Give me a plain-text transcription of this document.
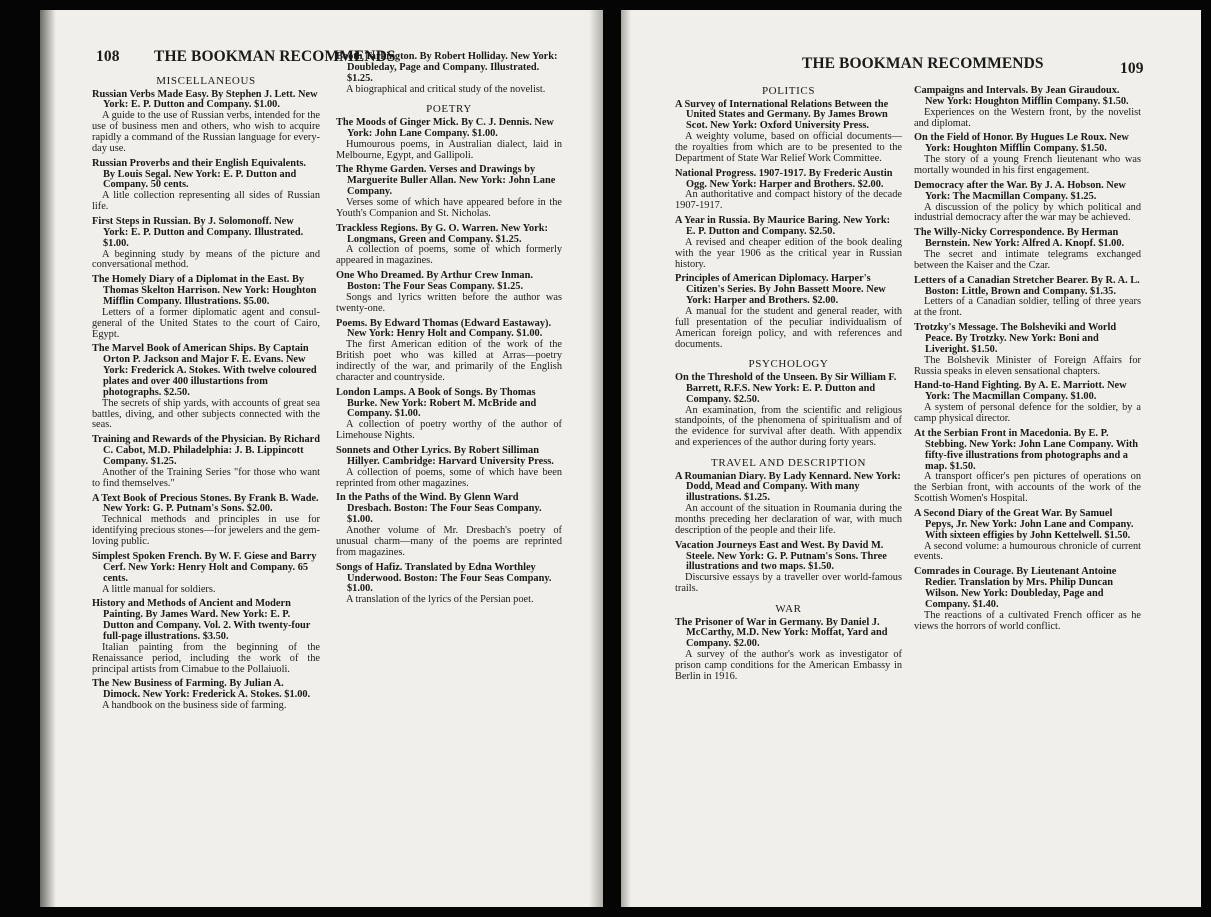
108 THE BOOKMAN RECOMMENDS
MISCELLANEOUS
Russian Verbs Made Easy. By Stephen J. Lett. New York: E. P. Dutton and Company. $1.00.
A guide to the use of Russian verbs, intended for the use of business men and others, who wish to acquire rapidly a command of the Russian language for every-day use.
Russian Proverbs and their English Equivalents. By Louis Segal. New York: E. P. Dutton and Company. 50 cents.
A litle collection representing all sides of Russian life.
First Steps in Russian. By J. Solomonoff. New York: E. P. Dutton and Company. Illustrated. $1.00.
A beginning study by means of the picture and conversational method.
The Homely Diary of a Diplomat in the East. By Thomas Skelton Harrison. New York: Houghton Mifflin Company. Illustrations. $5.00.
Letters of a former diplomatic agent and consul-general of the United States to the court of Cairo, Egypt.
The Marvel Book of American Ships. By Captain Orton P. Jackson and Major F. E. Evans. New York: Frederick A. Stokes. With twelve coloured plates and over 400 illustartions from photographs. $2.50.
The secrets of ship yards, with accounts of great sea battles, diving, and other subjects connected with the seas.
Training and Rewards of the Physician. By Richard C. Cabot, M.D. Philadelphia: J. B. Lippincott Company. $1.25.
Another of the Training Series "for those who want to find themselves."
A Text Book of Precious Stones. By Frank B. Wade. New York: G. P. Putnam's Sons. $2.00.
Technical methods and principles in use for identifying precious stones—for jewelers and the gem-loving public.
Simplest Spoken French. By W. F. Giese and Barry Cerf. New York: Henry Holt and Company. 65 cents.
A little manual for soldiers.
History and Methods of Ancient and Modern Painting. By James Ward. New York: E. P. Dutton and Company. Vol. 2. With twenty-four full-page illustrations. $3.50.
Italian painting from the beginning of the Renaissance period, including the work of the principal artists from Cimabue to the Pollaiuoli.
The New Business of Farming. By Julian A. Dimock. New York: Frederick A. Stokes. $1.00.
A handbook on the business side of farming.
Booth Tarkington. By Robert Holliday. New York: Doubleday, Page and Company. Illustrated. $1.25.
A biographical and critical study of the novelist.
POETRY
The Moods of Ginger Mick. By C. J. Dennis. New York: John Lane Company. $1.00.
Humourous poems, in Australian dialect, laid in Melbourne, Egypt, and Gallipoli.
The Rhyme Garden. Verses and Drawings by Marguerite Buller Allan. New York: John Lane Company.
Verses some of which have appeared before in the Youth's Companion and St. Nicholas.
Trackless Regions. By G. O. Warren. New York: Longmans, Green and Company. $1.25.
A collection of poems, some of which formerly appeared in magazines.
One Who Dreamed. By Arthur Crew Inman. Boston: The Four Seas Company. $1.25.
Songs and lyrics written before the author was twenty-one.
Poems. By Edward Thomas (Edward Eastaway). New York: Henry Holt and Company. $1.00.
The first American edition of the work of the British poet who was killed at Arras—poetry indirectly of the war, and primarily of the English character and countryside.
London Lamps. A Book of Songs. By Thomas Burke. New York: Robert M. McBride and Company. $1.00.
A collection of poetry worthy of the author of Limehouse Nights.
Sonnets and Other Lyrics. By Robert Silliman Hillyer. Cambridge: Harvard University Press.
A collection of poems, some of which have been reprinted from other magazines.
In the Paths of the Wind. By Glenn Ward Dresbach. Boston: The Four Seas Company. $1.00.
Another volume of Mr. Dresbach's poetry of unusual charm—many of the poems are reprinted from magazines.
Songs of Hafiz. Translated by Edna Worthley Underwood. Boston: The Four Seas Company. $1.00.
A translation of the lyrics of the Persian poet.
THE BOOKMAN RECOMMENDS	109
POLITICS
A Survey of International Relations Between the United States and Germany. By James Brown Scot. New York: Oxford University Press.
A weighty volume, based on official documents—the royalties from which are to be presented to the Department of State War Relief Work Committee.
National Progress. 1907-1917. By Frederic Austin Ogg. New York: Harper and Brothers. $2.00.
An authoritative and compact history of the decade 1907-1917.
A Year in Russia. By Maurice Baring. New York: E. P. Dutton and Company. $2.50.
A revised and cheaper edition of the book dealing with the year 1906 as the critical year in Russian history.
Principles of American Diplomacy. Harper's Citizen's Series. By John Bassett Moore. New York: Harper and Brothers. $2.00.
A manual for the student and general reader, with full presentation of the peculiar individualism of American foreign policy, and with references and documents.
PSYCHOLOGY
On the Threshold of the Unseen. By Sir William F. Barrett, R.F.S. New York: E. P. Dutton and Company. $2.50.
An examination, from the scientific and religious standpoints, of the phenomena of spiritualism and of the evidence for survival after death. With appendix and experiences of the author during forty years.
TRAVEL AND DESCRIPTION
A Roumanian Diary. By Lady Kennard. New York: Dodd, Mead and Company. With many illustrations. $1.25.
An account of the situation in Roumania during the months preceding her declaration of war, with much description of the people and their life.
Vacation Journeys East and West. By David M. Steele. New York: G. P. Putnam's Sons. Three illustrations and two maps. $1.50.
Discursive essays by a traveller over world-famous trails.
WAR
The Prisoner of War in Germany. By Daniel J. McCarthy, M.D. New York: Moffat, Yard and Company. $2.00.
A survey of the author's work as investigator of prison camp conditions for the American Embassy in Berlin in 1916.
Campaigns and Intervals. By Jean Giraudoux. New York: Houghton Mifflin Company. $1.50.
Experiences on the Western front, by the novelist and diplomat.
On the Field of Honor. By Hugues Le Roux. New York: Houghton Mifflin Company. $1.50.
The story of a young French lieutenant who was mortally wounded in his first engagement.
Democracy after the War. By J. A. Hobson. New York: The Macmillan Company. $1.25.
A discussion of the policy by which political and industrial democracy after the war may be achieved.
The Willy-Nicky Correspondence. By Herman Bernstein. New York: Alfred A. Knopf. $1.00.
The secret and intimate telegrams exchanged between the Kaiser and the Czar.
Letters of a Canadian Stretcher Bearer. By R. A. L. Boston: Little, Brown and Company. $1.35.
Letters of a Canadian soldier, telling of three years at the front.
Trotzky's Message. The Bolsheviki and World Peace. By Trotzky. New York: Boni and Liveright. $1.50.
The Bolshevik Minister of Foreign Affairs for Russia speaks in eleven sensational chapters.
Hand-to-Hand Fighting. By A. E. Marriott. New York: The Macmillan Company. $1.00.
A system of personal defence for the soldier, by a camp physical director.
At the Serbian Front in Macedonia. By E. P. Stebbing. New York: John Lane Company. With fifty-five illustrations from photographs and a map. $1.50.
A transport officer's pen pictures of operations on the Serbian front, with accounts of the work of the Scottish Women's Hospital.
A Second Diary of the Great War. By Samuel Pepys, Jr. New York: John Lane and Company. With sixteen effigies by John Kettelwell. $1.50.
A second volume: a humourous chronicle of current events.
Comrades in Courage. By Lieutenant Antoine Redier. Translation by Mrs. Philip Duncan Wilson. New York: Doubleday, Page and Company. $1.40.
The reactions of a cultivated French officer as he views the horrors of world conflict.
